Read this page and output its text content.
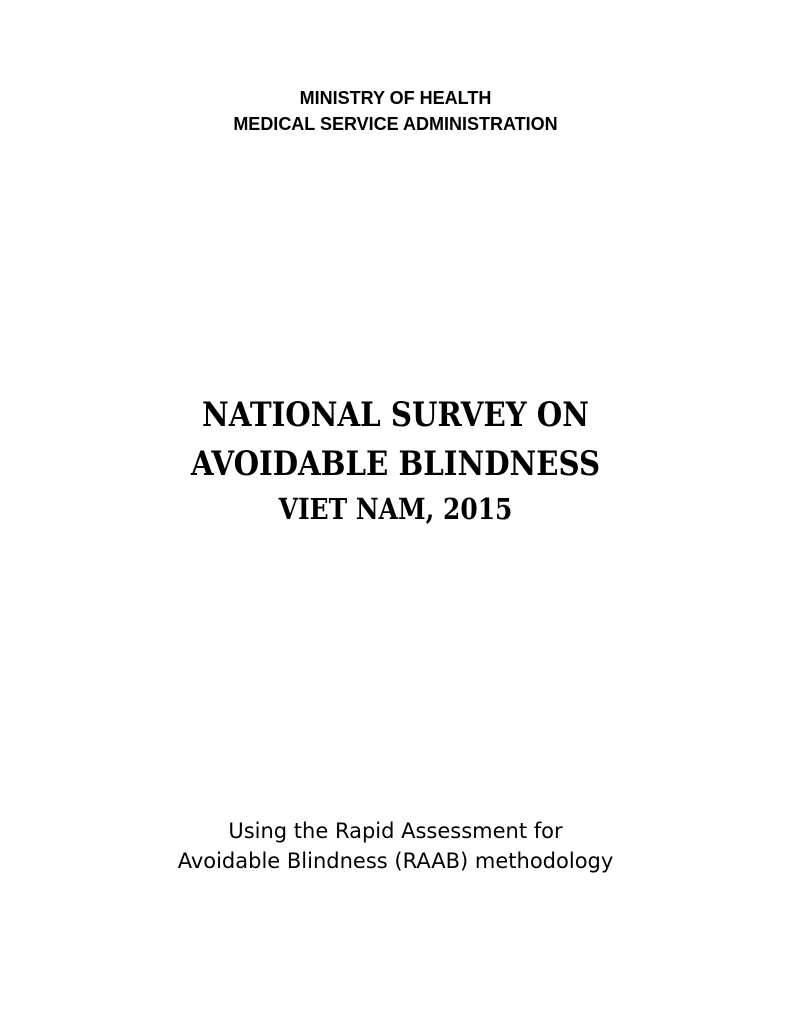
MINISTRY OF HEALTH
MEDICAL SERVICE ADMINISTRATION
NATIONAL SURVEY ON
AVOIDABLE BLINDNESS
VIET NAM, 2015
Using the Rapid Assessment for
Avoidable Blindness (RAAB) methodology
